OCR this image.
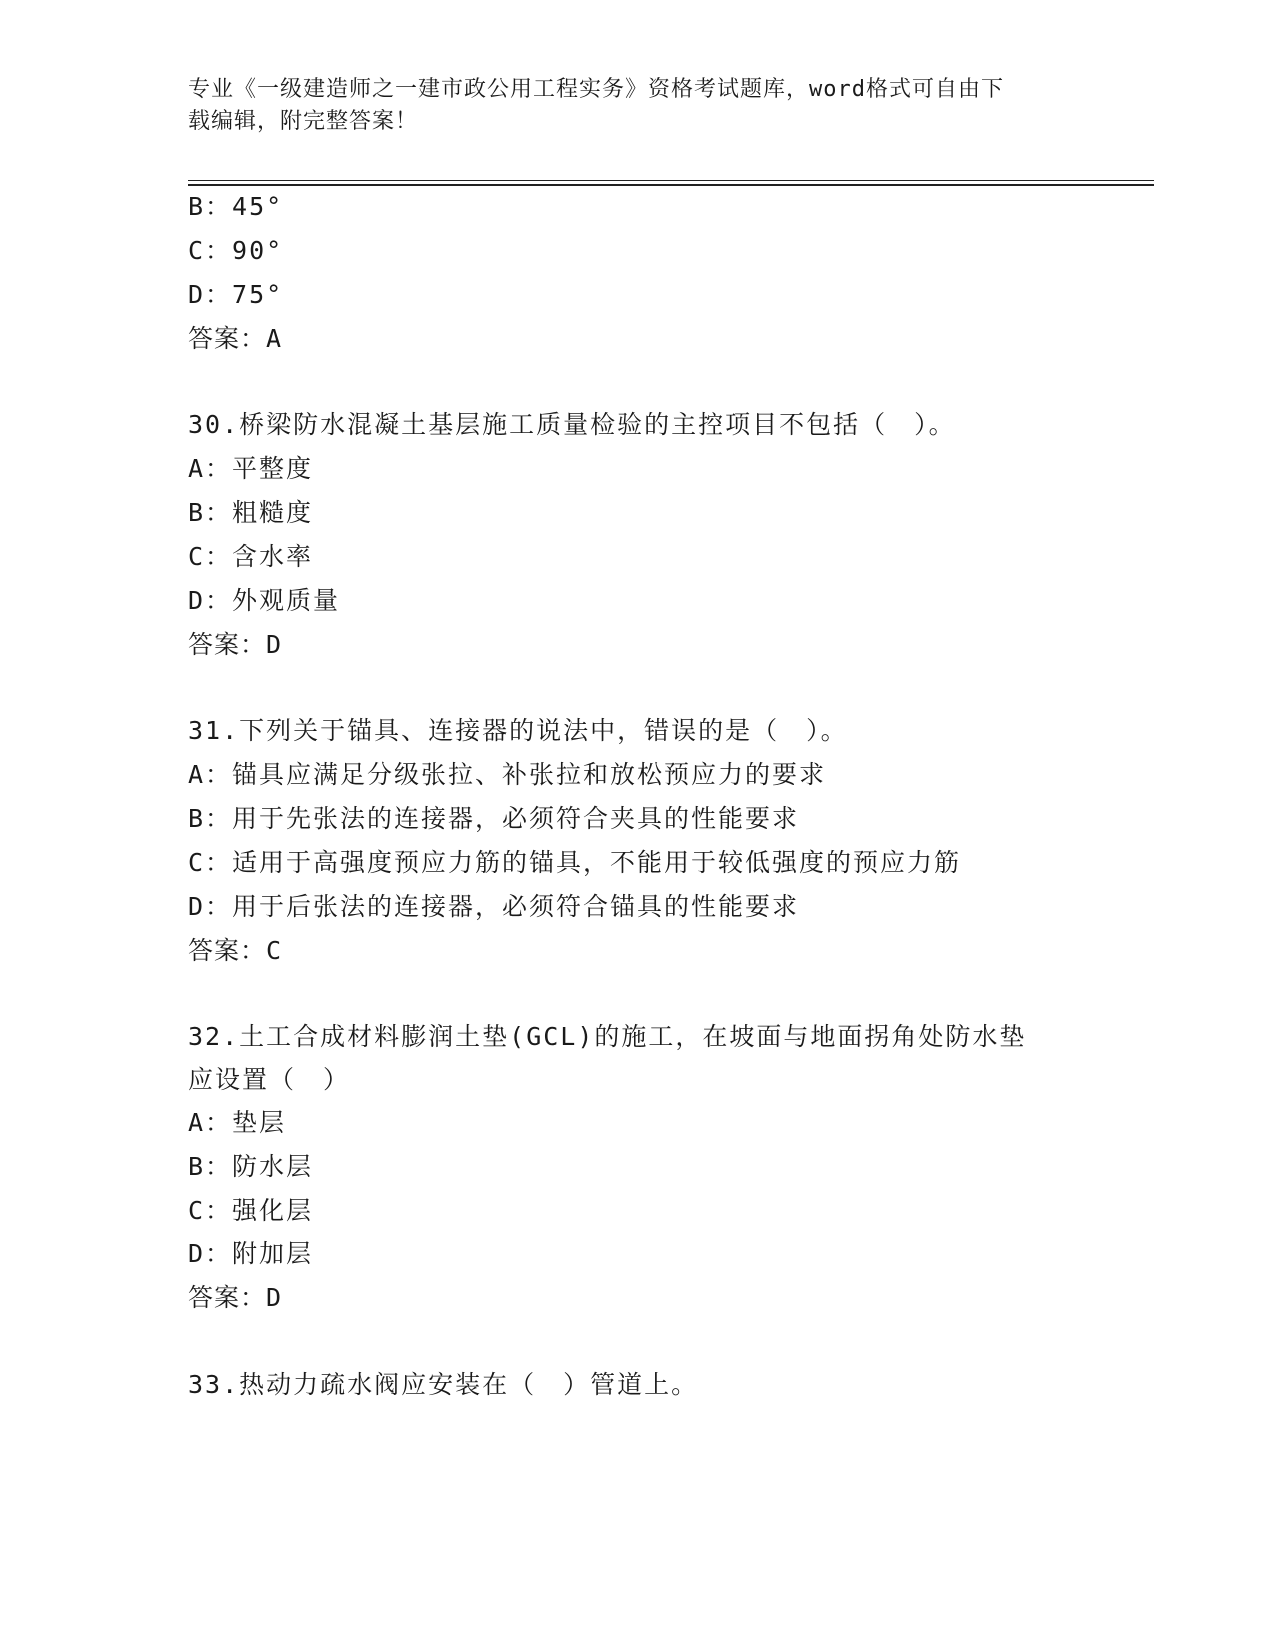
专业《一级建造师之一建市政公用工程实务》资格考试题库，word格式可自由下
载编辑，附完整答案！
B：45°
C：90°
D：75°
答案：A
30.桥梁防水混凝土基层施工质量检验的主控项目不包括（　）。
A：平整度
B：粗糙度
C：含水率
D：外观质量
答案：D
31.下列关于锚具、连接器的说法中，错误的是（　）。
A：锚具应满足分级张拉、补张拉和放松预应力的要求
B：用于先张法的连接器，必须符合夹具的性能要求
C：适用于高强度预应力筋的锚具，不能用于较低强度的预应力筋
D：用于后张法的连接器，必须符合锚具的性能要求
答案：C
32.土工合成材料膨润土垫(GCL)的施工，在坡面与地面拐角处防水垫
应设置（　）
A：垫层
B：防水层
C：强化层
D：附加层
答案：D
33.热动力疏水阀应安装在（　）管道上。
